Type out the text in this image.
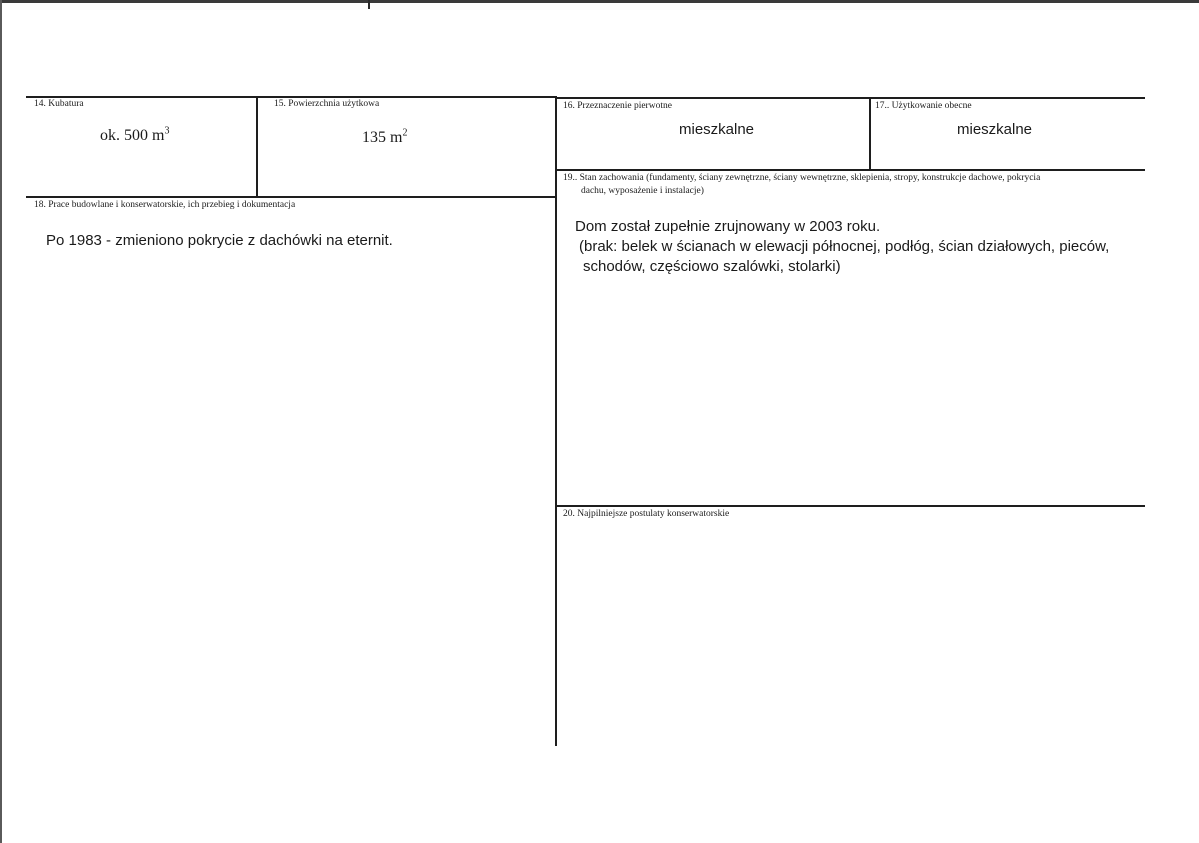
14. Kubatura
ok. 500 $m^3$
15. Powierzchnia użytkowa
135 $m^2$
16. Przeznaczenie pierwotne
mieszkalne
17.. Użytkowanie obecne
mieszkalne
18. Prace budowlane i konserwatorskie, ich przebieg i dokumentacja
Po 1983 - zmieniono pokrycie z dachówki na eternit.
19.. Stan zachowania (fundamenty, ściany zewnętrzne, ściany wewnętrzne, sklepienia, stropy, konstrukcje dachowe, pokrycia
dachu, wyposażenie i instalacje)
Dom został zupełnie zrujnowany w 2003 roku.
(brak: belek w ścianach w elewacji północnej, podłóg, ścian działowych, pieców,
schodów, częściowo szalówki, stolarki)
20. Najpilniejsze postulaty konserwatorskie
